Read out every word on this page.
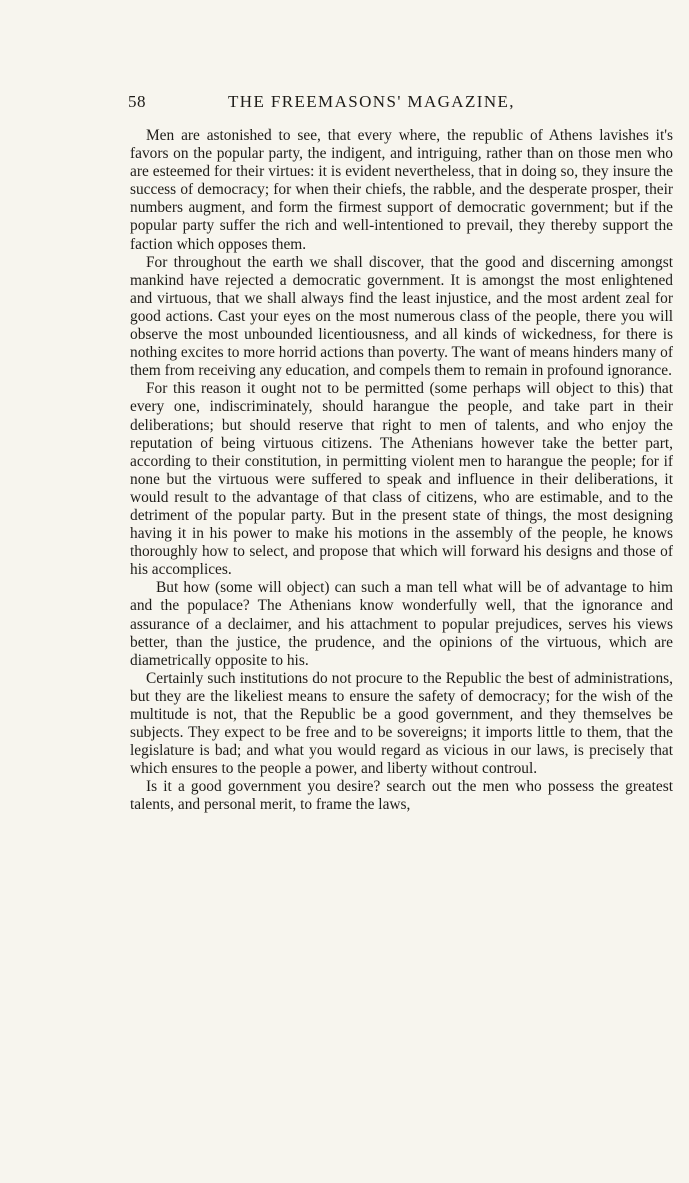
58	THE FREEMASONS' MAGAZINE,

Men are astonished to see, that every where, the republic of Athens lavishes it's favors on the popular party, the indigent, and intriguing, rather than on those men who are esteemed for their virtues: it is evident nevertheless, that in doing so, they insure the success of democracy; for when their chiefs, the rabble, and the desperate prosper, their numbers augment, and form the firmest support of democratic government; but if the popular party suffer the rich and well-intentioned to prevail, they thereby support the faction which opposes them.

For throughout the earth we shall discover, that the good and discerning amongst mankind have rejected a democratic government. It is amongst the most enlightened and virtuous, that we shall always find the least injustice, and the most ardent zeal for good actions. Cast your eyes on the most numerous class of the people, there you will observe the most unbounded licentiousness, and all kinds of wickedness, for there is nothing excites to more horrid actions than poverty. The want of means hinders many of them from receiving any education, and compels them to remain in profound ignorance.

For this reason it ought not to be permitted (some perhaps will object to this) that every one, indiscriminately, should harangue the people, and take part in their deliberations; but should reserve that right to men of talents, and who enjoy the reputation of being virtuous citizens. The Athenians however take the better part, according to their constitution, in permitting violent men to harangue the people; for if none but the virtuous were suffered to speak and influence in their deliberations, it would result to the advantage of that class of citizens, who are estimable, and to the detriment of the popular party. But in the present state of things, the most designing having it in his power to make his motions in the assembly of the people, he knows thoroughly how to select, and propose that which will forward his designs and those of his accomplices.

But how (some will object) can such a man tell what will be of advantage to him and the populace? The Athenians know wonderfully well, that the ignorance and assurance of a declaimer, and his attachment to popular prejudices, serves his views better, than the justice, the prudence, and the opinions of the virtuous, which are diametrically opposite to his.

Certainly such institutions do not procure to the Republic the best of administrations, but they are the likeliest means to ensure the safety of democracy; for the wish of the multitude is not, that the Republic be a good government, and they themselves be subjects. They expect to be free and to be sovereigns; it imports little to them, that the legislature is bad; and what you would regard as vicious in our laws, is precisely that which ensures to the people a power, and liberty without controul.

Is it a good government you desire? search out the men who possess the greatest talents, and personal merit, to frame the laws,
